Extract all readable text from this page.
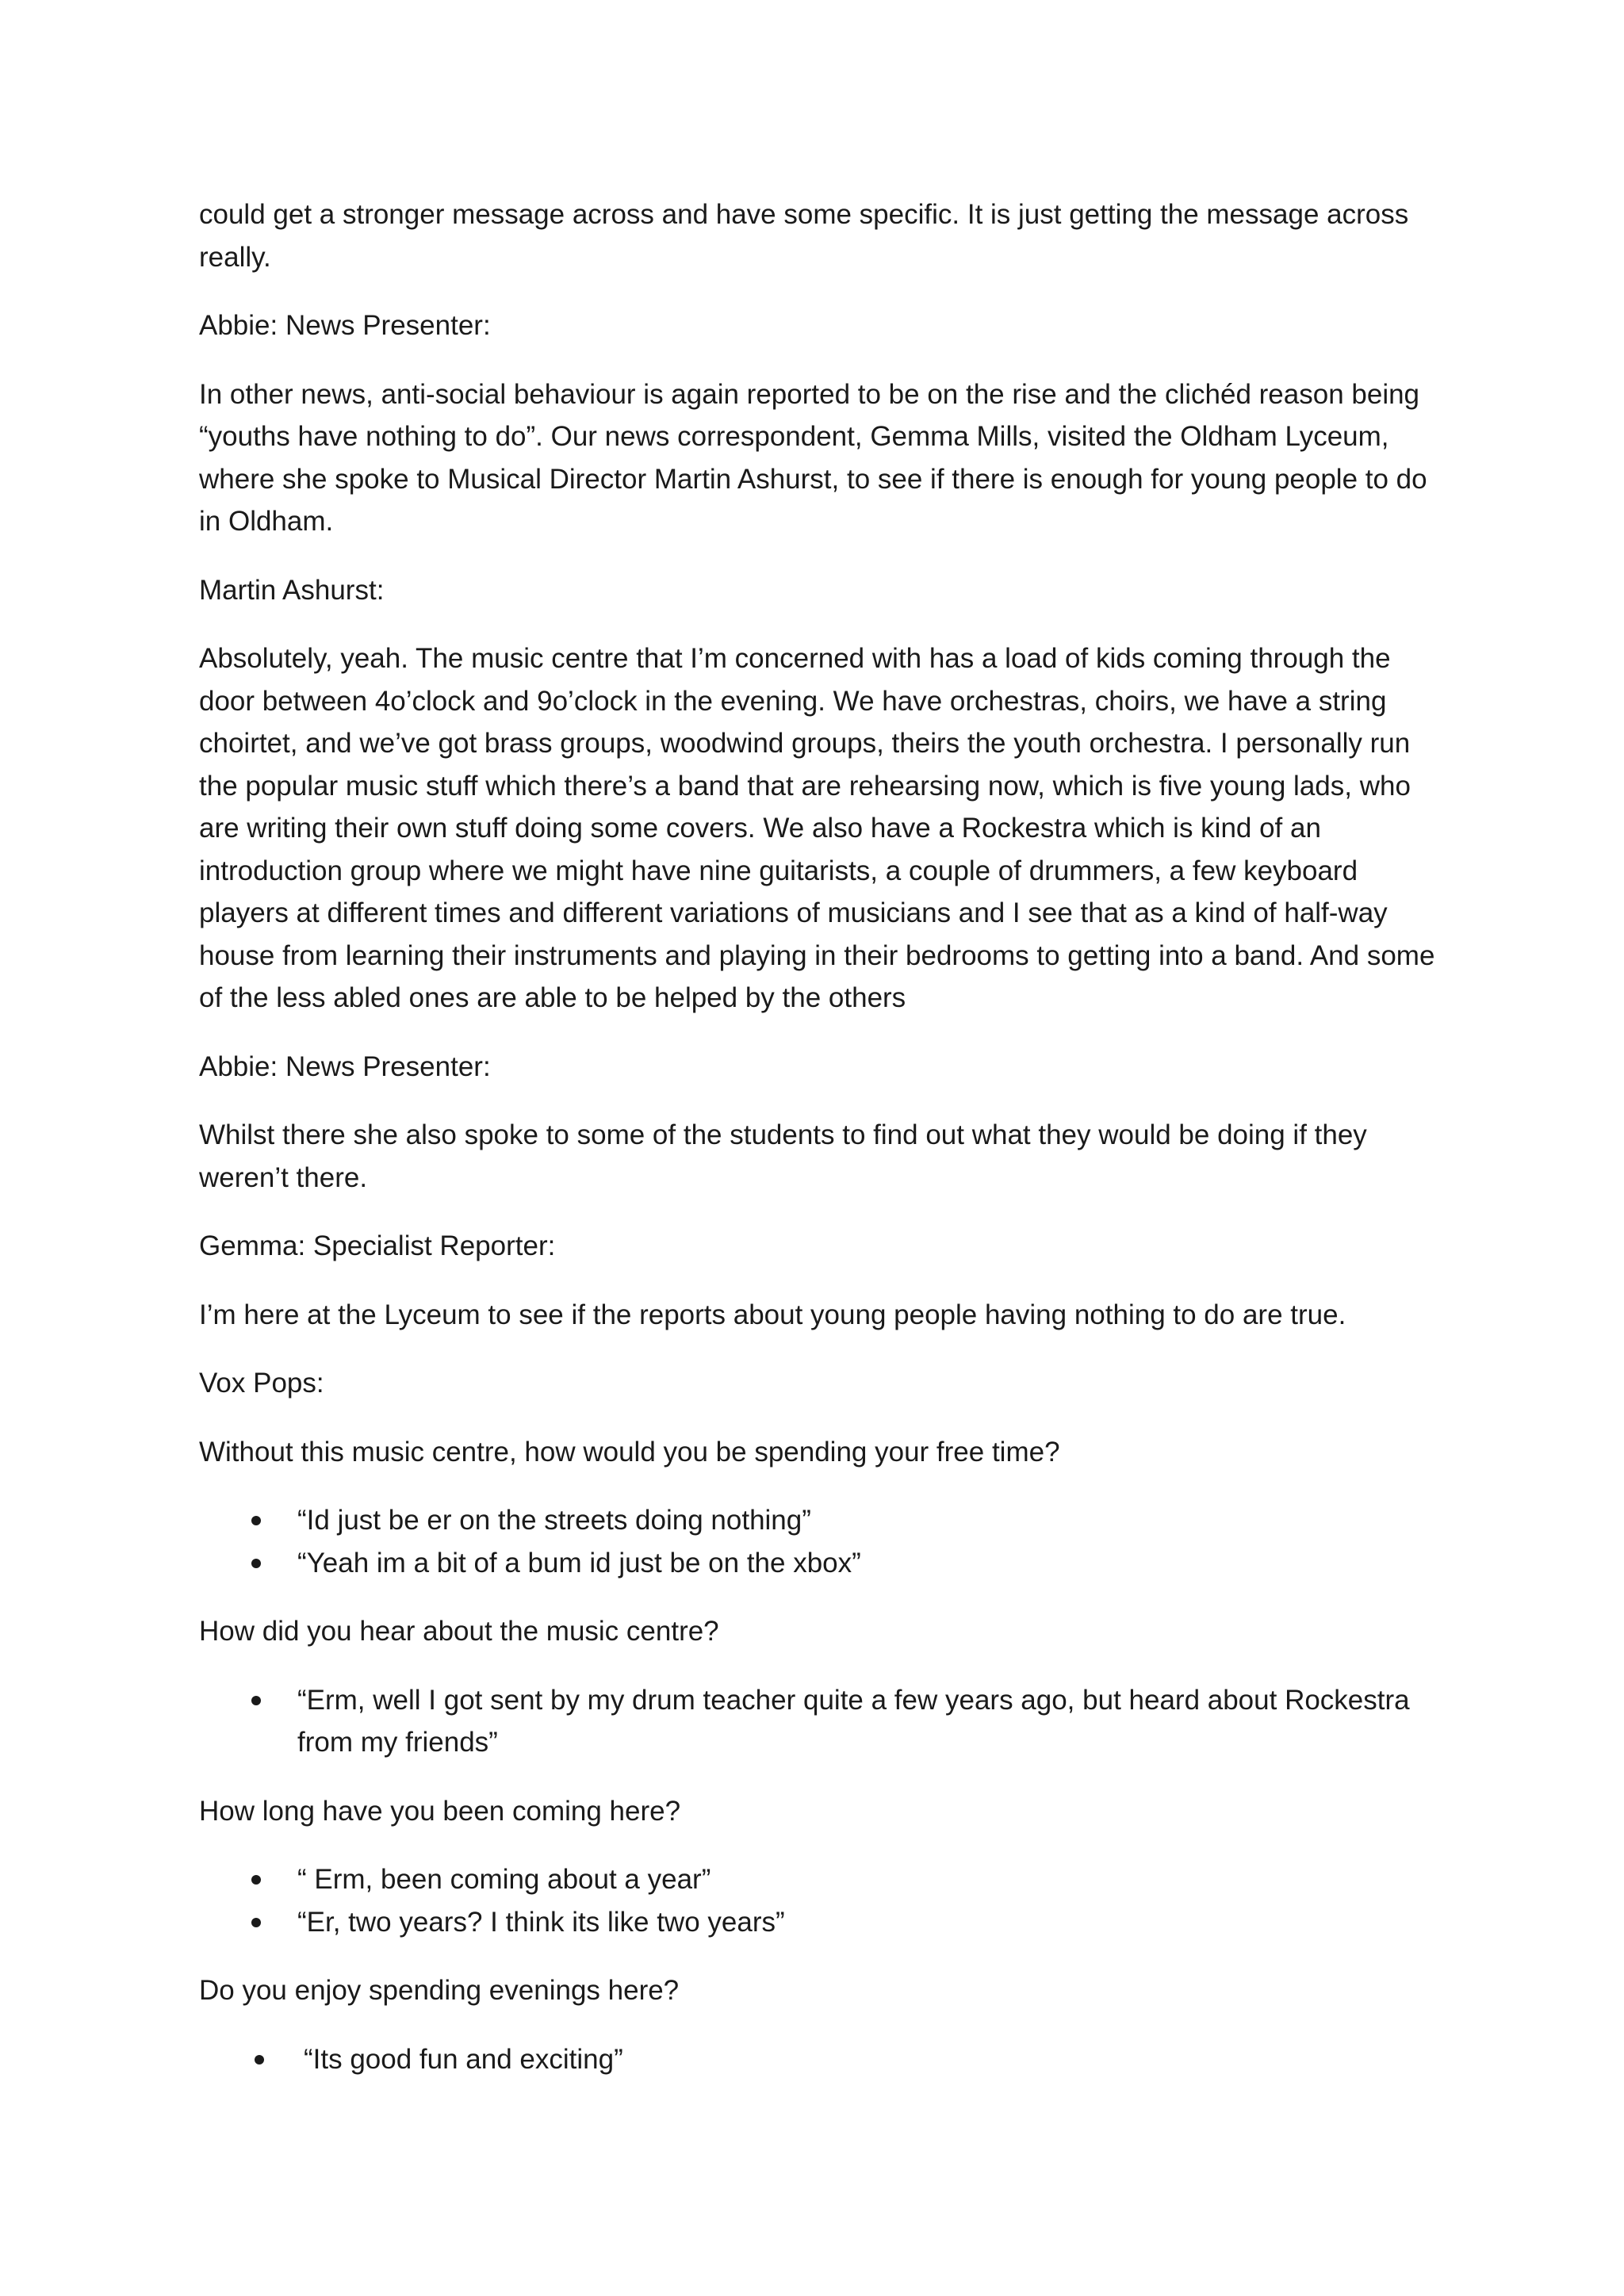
could get a stronger message across and have some specific. It is just getting the message across really.

Abbie: News Presenter:

In other news, anti-social behaviour is again reported to be on the rise and the clichéd reason being “youths have nothing to do”. Our news correspondent, Gemma Mills, visited the Oldham Lyceum, where she spoke to Musical Director Martin Ashurst, to see if there is enough for young people to do in Oldham.

Martin Ashurst:

Absolutely, yeah. The music centre that I’m concerned with has a load of kids coming through the door between 4o’clock and 9o’clock in the evening. We have orchestras, choirs, we have a string choirtet, and we’ve got brass groups, woodwind groups, theirs the youth orchestra. I personally run the popular music stuff which there’s a band that are rehearsing now, which is five young lads, who are writing their own stuff doing some covers. We also have a Rockestra which is kind of an introduction group where we might have nine guitarists, a couple of drummers, a few keyboard players at different times and different variations of musicians and I see that as a kind of half-way house from learning their instruments and playing in their bedrooms to getting into a band. And some of the less abled ones are able to be helped by the others

Abbie: News Presenter:

Whilst there she also spoke to some of the students to find out what they would be doing if they weren’t there.

Gemma: Specialist Reporter:

I’m here at the Lyceum to see if the reports about young people having nothing to do are true.

Vox Pops:

Without this music centre, how would you be spending your free time?

“Id just be er on the streets doing nothing”
“Yeah im a bit of a bum id just be on the xbox”

How did you hear about the music centre?

“Erm, well I got sent by my drum teacher quite a few years ago, but heard about Rockestra from my friends”

How long have you been coming here?

“ Erm, been coming about a year”
“Er, two years? I think its like two years”

Do you enjoy spending evenings here?

“Its good fun and exciting”
